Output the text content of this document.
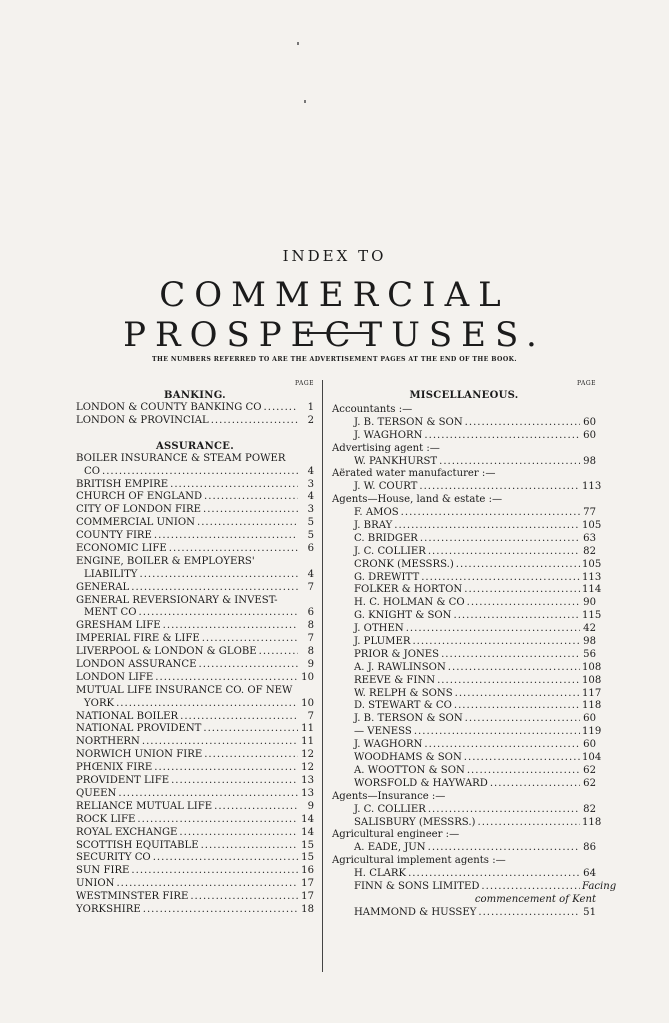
INDEX TO
COMMERCIAL PROSPECTUSES.
THE NUMBERS REFERRED TO ARE THE ADVERTISEMENT PAGES AT THE END OF THE BOOK.
PAGE
BANKING.
LONDON & COUNTY BANKING CO .....	1
LONDON & PROVINCIAL .....	2
ASSURANCE.
BOILER INSURANCE & STEAM POWER
CO .....	4
BRITISH EMPIRE .....	3
CHURCH OF ENGLAND .....	4
CITY OF LONDON FIRE .....	3
COMMERCIAL UNION .....	5
COUNTY FIRE .....	5
ECONOMIC LIFE .....	6
ENGINE, BOILER & EMPLOYERS'
LIABILITY .....	4
GENERAL .....	7
GENERAL REVERSIONARY & INVEST-
MENT CO .....	6
GRESHAM LIFE .....	8
IMPERIAL FIRE & LIFE .....	7
LIVERPOOL & LONDON & GLOBE .....	8
LONDON ASSURANCE .....	9
LONDON LIFE .....	10
MUTUAL LIFE INSURANCE CO. OF NEW
YORK .....	10
NATIONAL BOILER .....	7
NATIONAL PROVIDENT .....	11
NORTHERN .....	11
NORWICH UNION FIRE .....	12
PHŒNIX FIRE .....	12
PROVIDENT LIFE .....	13
QUEEN .....	13
RELIANCE MUTUAL LIFE .....	9
ROCK LIFE .....	14
ROYAL EXCHANGE .....	14
SCOTTISH EQUITABLE .....	15
SECURITY CO .....	15
SUN FIRE .....	16
UNION .....	17
WESTMINSTER FIRE .....	17
YORKSHIRE .....	18
PAGE
MISCELLANEOUS.
Accountants :—
J. B. TERSON & SON .....	60
J. WAGHORN .....	60
Advertising agent :—
W. PANKHURST .....	98
Aërated water manufacturer :—
J. W. COURT .....	113
Agents—House, land & estate :—
F. AMOS .....	77
J. BRAY .....	105
C. BRIDGER .....	63
J. C. COLLIER .....	82
CRONK (MESSRS.) .....	105
G. DREWITT .....	113
FOLKER & HORTON .....	114
H. C. HOLMAN & CO .....	90
G. KNIGHT & SON .....	115
J. OTHEN .....	42
J. PLUMER .....	98
PRIOR & JONES .....	56
A. J. RAWLINSON .....	108
REEVE & FINN .....	108
W. RELPH & SONS .....	117
D. STEWART & CO .....	118
J. B. TERSON & SON .....	60
— VENESS .....	119
J. WAGHORN .....	60
WOODHAMS & SON .....	104
A. WOOTTON & SON .....	62
WORSFOLD & HAYWARD .....	62
Agents—Insurance :—
J. C. COLLIER .....	82
SALISBURY (MESSRS.) .....	118
Agricultural engineer :—
A. EADE, JUN .....	86
Agricultural implement agents :—
H. CLARK .....	64
FINN & SONS LIMITED .....	Facing
commencement of Kent
HAMMOND & HUSSEY .....	51
